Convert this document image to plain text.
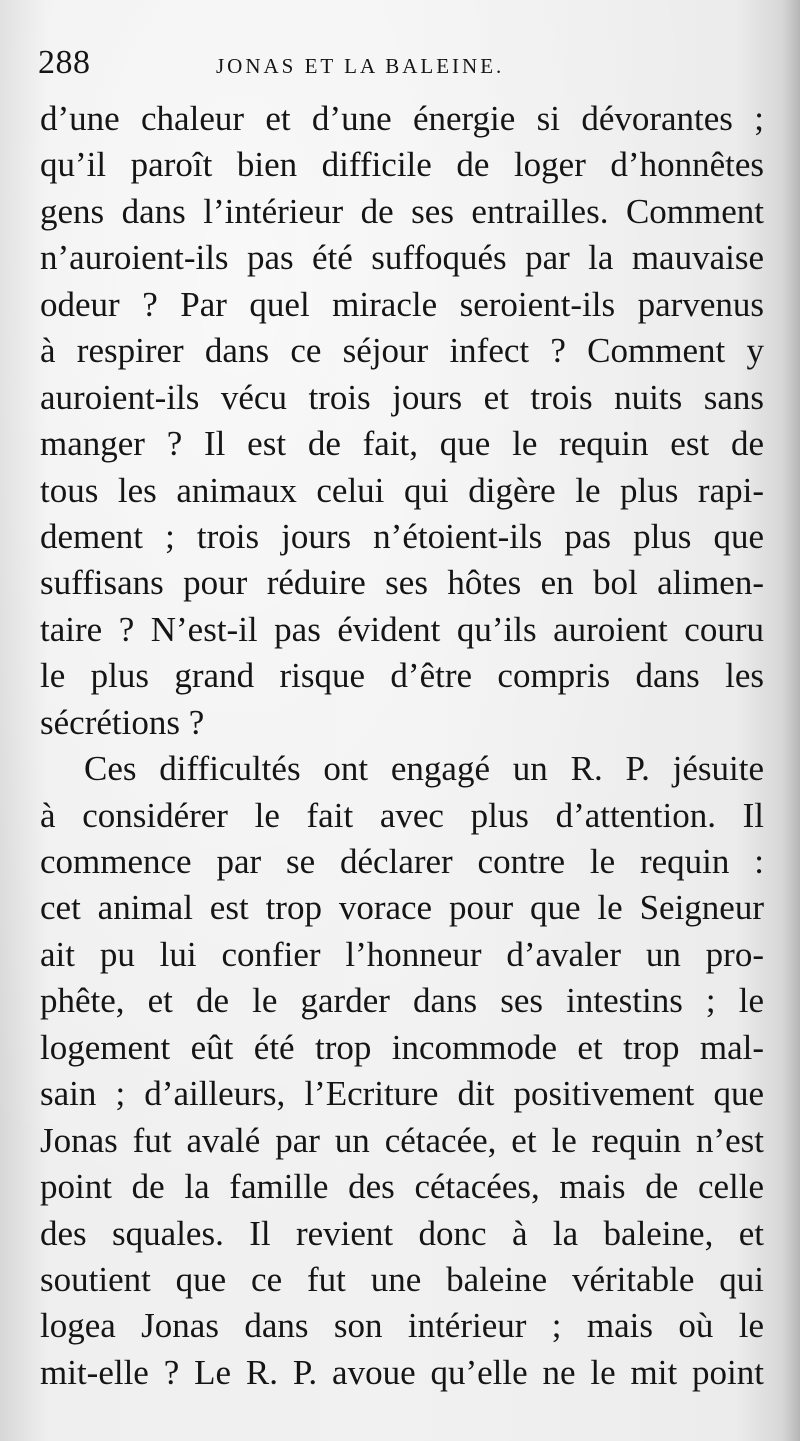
288	JONAS ET LA BALEINE.
d’une chaleur et d’une énergie si dévorantes ;
qu’il paroît bien difficile de loger d’honnêtes
gens dans l’intérieur de ses entrailles. Comment
n’auroient-ils pas été suffoqués par la mauvaise
odeur ? Par quel miracle seroient-ils parvenus
à respirer dans ce séjour infect ? Comment y
auroient-ils vécu trois jours et trois nuits sans
manger ? Il est de fait, que le requin est de
tous les animaux celui qui digère le plus rapi-
dement ; trois jours n’étoient-ils pas plus que
suffisans pour réduire ses hôtes en bol alimen-
taire ? N’est-il pas évident qu’ils auroient couru
le plus grand risque d’être compris dans les
sécrétions ?
Ces difficultés ont engagé un R. P. jésuite
à considérer le fait avec plus d’attention. Il
commence par se déclarer contre le requin :
cet animal est trop vorace pour que le Seigneur
ait pu lui confier l’honneur d’avaler un pro-
phête, et de le garder dans ses intestins ; le
logement eût été trop incommode et trop mal-
sain ; d’ailleurs, l’Ecriture dit positivement que
Jonas fut avalé par un cétacée, et le requin n’est
point de la famille des cétacées, mais de celle
des squales. Il revient donc à la baleine, et
soutient que ce fut une baleine véritable qui
logea Jonas dans son intérieur ; mais où le
mit-elle ? Le R. P. avoue qu’elle ne le mit point
